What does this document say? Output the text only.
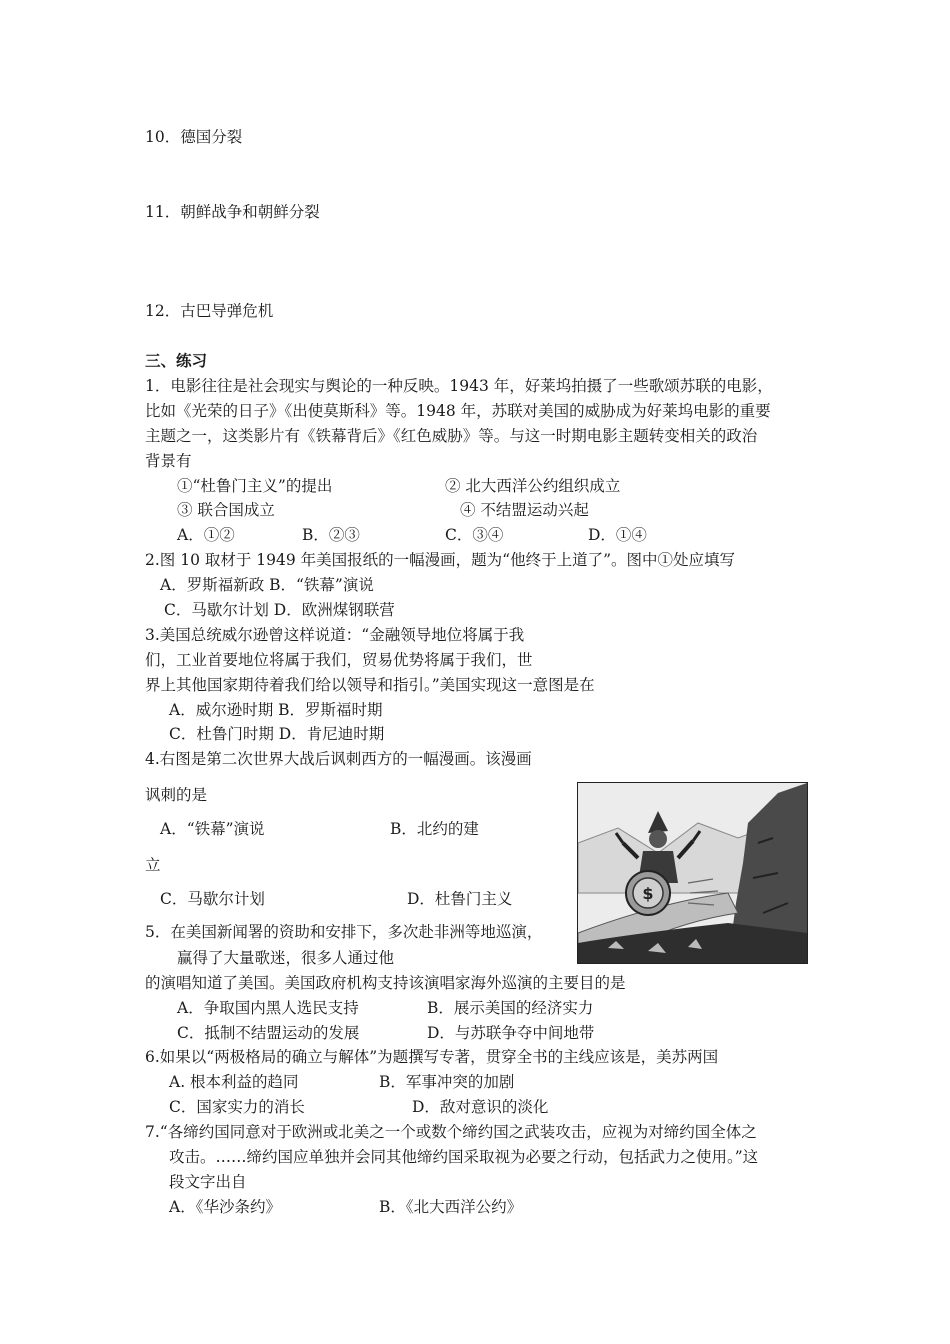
10．德国分裂
11．朝鲜战争和朝鲜分裂
12．古巴导弹危机
三、练习
1．电影往往是社会现实与舆论的一种反映。1943 年，好莱坞拍摄了一些歌颂苏联的电影，
比如《光荣的日子》《出使莫斯科》等。1948 年，苏联对美国的威胁成为好莱坞电影的重要
主题之一，这类影片有《铁幕背后》《红色威胁》等。与这一时期电影主题转变相关的政治
背景有
①“杜鲁门主义”的提出	② 北大西洋公约组织成立
③ 联合国成立	④ 不结盟运动兴起
A．①②	B．②③	C．③④	D．①④
2.图 10 取材于 1949 年美国报纸的一幅漫画，题为“他终于上道了”。图中①处应填写
A．罗斯福新政 B．“铁幕”演说
C．马歇尔计划 D．欧洲煤钢联营
3.美国总统威尔逊曾这样说道：“金融领导地位将属于我
们，工业首要地位将属于我们，贸易优势将属于我们，世
界上其他国家期待着我们给以领导和指引。”美国实现这一意图是在
A．威尔逊时期 B．罗斯福时期
C．杜鲁门时期 D．肯尼迪时期
4.右图是第二次世界大战后讽刺西方的一幅漫画。该漫画
讽刺的是
A．“铁幕”演说	B．北约的建
立
C．马歇尔计划	D．杜鲁门主义	$
5．在美国新闻署的资助和安排下，多次赴非洲等地巡演，
赢得了大量歌迷，很多人通过他
的演唱知道了美国。美国政府机构支持该演唱家海外巡演的主要目的是
A．争取国内黑人选民支持	B．展示美国的经济实力
C．抵制不结盟运动的发展	D．与苏联争夺中间地带
6.如果以“两极格局的确立与解体”为题撰写专著，贯穿全书的主线应该是，美苏两国
A. 根本利益的趋同	B．军事冲突的加剧
C．国家实力的消长	D．敌对意识的淡化
7.“各缔约国同意对于欧洲或北美之一个或数个缔约国之武装攻击，应视为对缔约国全体之
攻击。……缔约国应单独并会同其他缔约国采取视为必要之行动，包括武力之使用。”这
段文字出自
A．《华沙条约》	B．《北大西洋公约》
